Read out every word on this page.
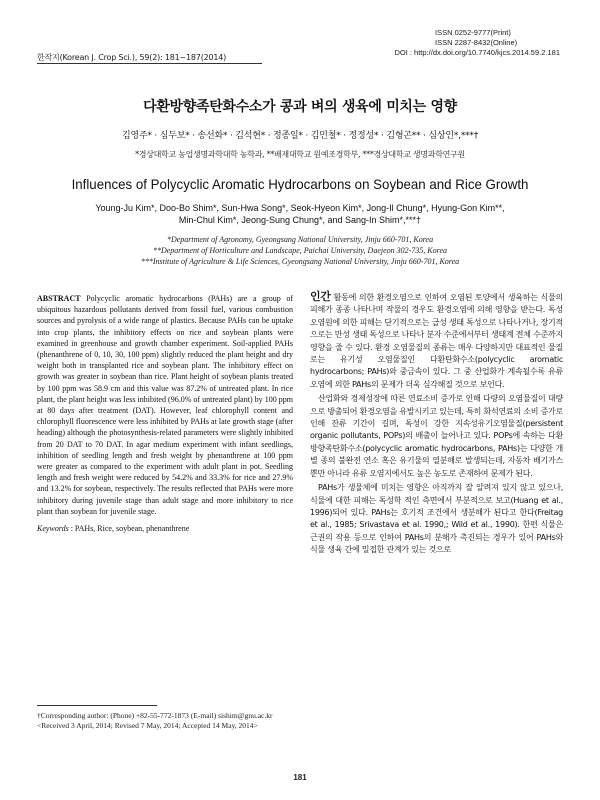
한작지(Korean J. Crop Sci.), 59(2): 181~187(2014)
ISSN 0252-9777(Print)
ISSN 2287-8432(Online)
DOI : http://dx.doi.org/10.7740/kjcs.2014.59.2.181
다환방향족탄화수소가 콩과 벼의 생육에 미치는 영향
김영주* · 심두보* · 송선화* · 김석현* · 정종일* · 김민철* · 정정성* · 김형곤** · 심상인*,***†
*경상대학교 농업생명과학대학 농학과, **배재대학교 원예조경학부, ***경상대학교 생명과학연구원
Influences of Polycyclic Aromatic Hydrocarbons on Soybean and Rice Growth
Young-Ju Kim*, Doo-Bo Shim*, Sun-Hwa Song*, Seok-Hyeon Kim*, Jong-Il Chung*, Hyung-Gon Kim**,
Min-Chul Kim*, Jeong-Sung Chung*, and Sang-In Shim*,***†
*Department of Agronomy, Gyeongsang National University, Jinju 660-701, Korea
**Department of Horticulture and Landscape, Paichai University, Daejeon 302-735, Korea
***Institute of Agriculture & Life Sciences, Gyeongsang National University, Jinju 660-701, Korea
ABSTRACT Polycyclic aromatic hydrocarbons (PAHs) are a group of ubiquitous hazardous pollutants derived from fossil fuel, various combustion sources and pyrolysis of a wide range of plastics. Because PAHs can be uptake into crop plants, the inhibitory effects on rice and soybean plants were examined in greenhouse and growth chamber experiment. Soil-applied PAHs (phenanthrene of 0, 10, 30, 100 ppm) slightly reduced the plant height and dry weight both in transplanted rice and soybean plant. The inhibitory effect on growth was greater in soybean than rice. Plant height of soybean plants treated by 100 ppm was 58.9 cm and this value was 87.2% of untreated plant. In rice plant, the plant height was less inhibited (96.0% of untreated plant) by 100 ppm at 80 days after treatment (DAT). However, leaf chlorophyll content and chlorophyll fluorescence were less inhibited by PAHs at late growth stage (after heading) although the photosynthesis-related parameters were slightly inhibited from 20 DAT to 70 DAT. In agar medium experiment with infant seedlings, inhibition of seedling length and fresh weight by phenanthrene at 100 ppm were greater as compared to the experiment with adult plant in pot. Seedling length and fresh weight were reduced by 54.2% and 33.3% for rice and 27.9% and 13.2% for soybean, respectively. The results reflected that PAHs were more inhibitory during juvenile stage than adult stage and more inhibitory to rice plant than soybean for juvenile stage.
Keywords : PAHs, Rice, soybean, phenanthrene

인간 활동에 의한 환경오염으로 인하여 오염된 토양에서 생육하는 식물의 피해가 종종 나타나며 작물의 경우도 환경오염에 의해 영향을 받는다. 독성 오염원에 의한 피해는 단기적으로는 급성 생태 독성으로 나타나거나, 장기적으로는 만성 생태 독성으로 나타나 분자 수준에서부터 생태계 전체 수준까지 영향을 줄 수 있다. 환경 오염물질의 종류는 매우 다양하지만 대표적인 물질로는 유기성 오염물질인 다환탄화수소(polycyclic aromatic hydrocarbons; PAHs)와 중금속이 있다. 그 중 산업화가 계속될수록 유류오염에 의한 PAHs의 문제가 더욱 심각해질 것으로 보인다.

산업화와 경제성장에 따른 연료소비 증가로 인해 다량의 오염물질이 대량으로 방출되어 환경오염을 유발시키고 있는데, 특히 화석연료의 소비 증가로 인해 잔류 기간이 길며, 독성이 강한 지속성유기오염물질(persistent organic pollutants, POPs)의 배출이 늘어나고 있다. POPs에 속하는 다환방향족탄화수소(polycyclic aromatic hydrocarbons, PAHs)는 다양한 개별 종의 불완전 연소 혹은 유기물의 열분해로 발생되는데, 자동차 배기가스 뿐만 아니라 유류 오염지에서도 높은 농도로 존재하여 문제가 된다.

PAHs가 생물체에 미치는 영향은 아직까지 잘 알려져 있지 않고 있으나, 식물에 대한 피해는 독성학 적인 측면에서 부분적으로 보고(Huang et al., 1996)되어 있다. PAHs는 호기적 조건에서 생분해가 된다고 한다(Freitag et al., 1985; Srivastava et al. 1990,; Wild et al., 1990). 한편 식물은 근권의 작용 등으로 인하여 PAHs의 분해가 촉진되는 경우가 있어 PAHs와 식물 생육 간에 밀접한 관계가 있는 것으로

†Corresponding author: (Phone) +82-55-772-1873 (E-mail) sishim@gnu.ac.kr
<Received 3 April, 2014; Revised 7 May, 2014; Accepted 14 May, 2014>
181
